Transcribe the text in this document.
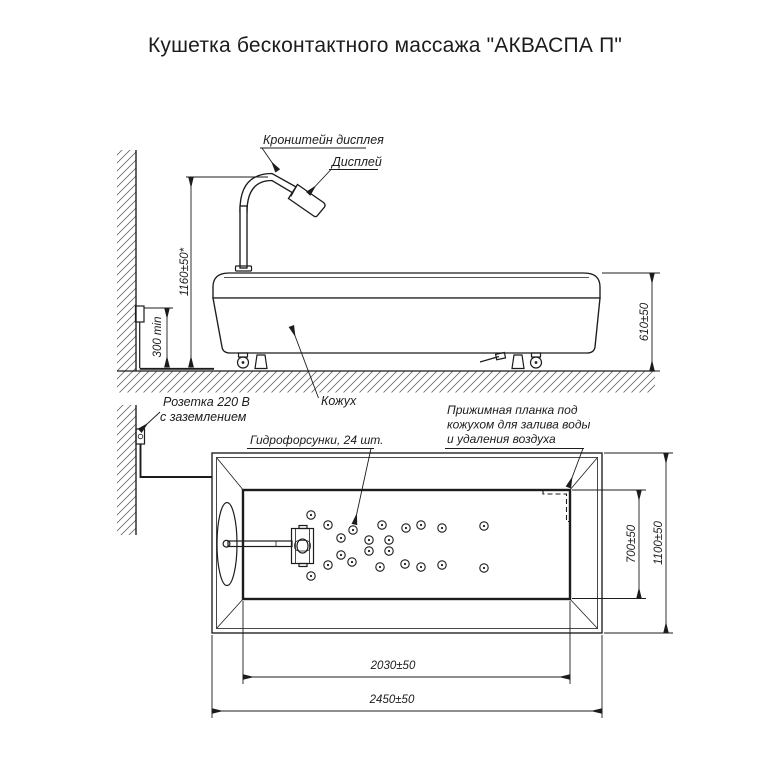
Кушетка бесконтактного массажа "АКВАСПА П"
1160±50*
300 min	610±50
Кронштейн дисплея
Дисплей
Кожух
Розетка 220 В
с заземлением
700±50 1100±50
2030±50
2450±50
Гидрофорсунки, 24 шт.
Прижимная планка под
кожухом для залива воды
и удаления воздуха
